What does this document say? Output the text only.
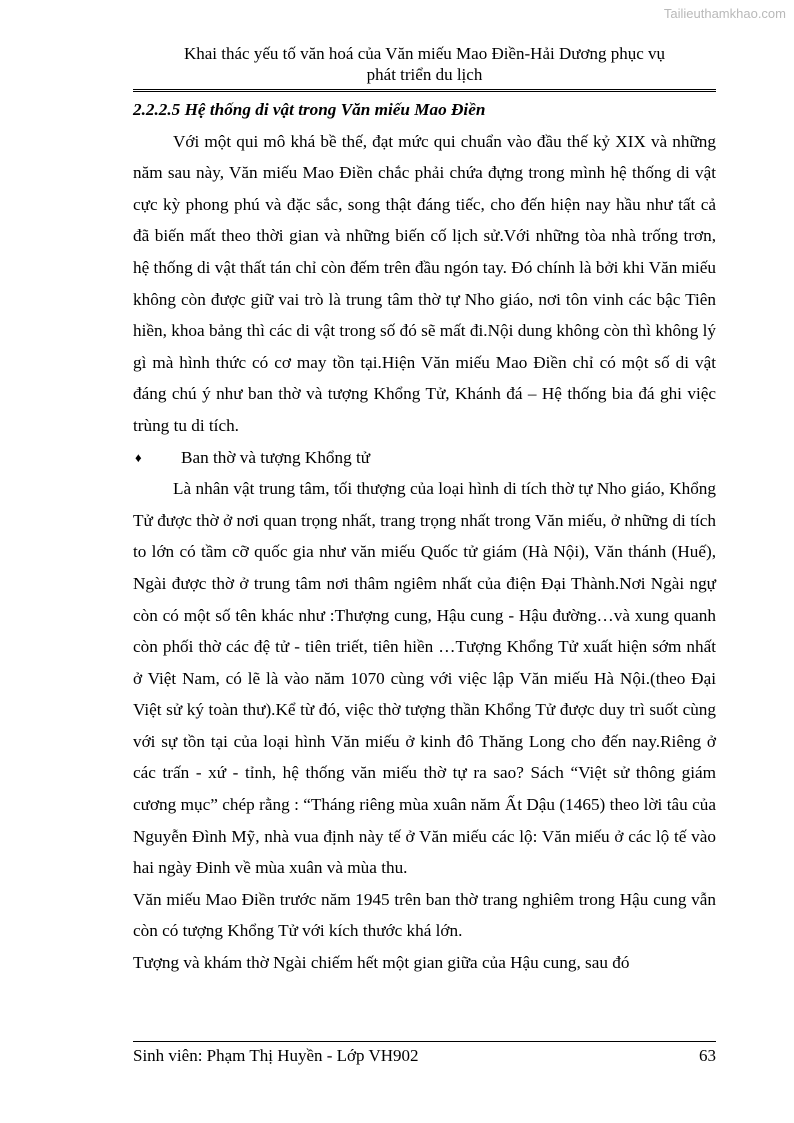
Tailieuthamkhao.com
Khai thác yếu tố văn hoá của Văn miếu Mao Điền-Hải Dương phục vụ
phát triển du lịch

2.2.2.5 Hệ thống di vật trong Văn miếu Mao Điền

Với một qui mô khá bề thế, đạt mức qui chuẩn vào đầu thế kỷ XIX và những năm sau này, Văn miếu Mao Điền chắc phải chứa đựng trong mình hệ thống di vật cực kỳ phong phú và đặc sắc, song thật đáng tiếc, cho đến hiện nay hầu như tất cả đã biến mất theo thời gian và những biến cố lịch sử.Với những tòa nhà trống trơn, hệ thống di vật thất tán chỉ còn đếm trên đầu ngón tay. Đó chính là bởi khi Văn miếu không còn được giữ vai trò là trung tâm thờ tự Nho giáo, nơi tôn vinh các bậc Tiên hiền, khoa bảng thì các di vật trong số đó sẽ mất đi.Nội dung không còn thì không lý gì mà hình thức có cơ may tồn tại.Hiện Văn miếu Mao Điền chỉ có một số di vật đáng chú ý như ban thờ và tượng Khổng Tử, Khánh đá – Hệ thống bia đá ghi việc trùng tu di tích.

♦	Ban thờ và tượng Khổng tử

Là nhân vật trung tâm, tối thượng của loại hình di tích thờ tự Nho giáo, Khổng Tử được thờ ở nơi quan trọng nhất, trang trọng nhất trong Văn miếu, ở những di tích to lớn có tầm cỡ quốc gia như văn miếu Quốc tử giám (Hà Nội), Văn thánh (Huế), Ngài được thờ ở trung tâm nơi thâm ngiêm nhất của điện Đại Thành.Nơi Ngài ngự còn có một số tên khác như :Thượng cung, Hậu cung - Hậu đường…và xung quanh còn phối thờ các đệ tử - tiên triết, tiên hiền …Tượng Khổng Tử xuất hiện sớm nhất ở Việt Nam, có lẽ là vào năm 1070 cùng với việc lập Văn miếu Hà Nội.(theo Đại Việt sử ký toàn thư).Kể từ đó, việc thờ tượng thần Khổng Tử được duy trì suốt cùng với sự tồn tại của loại hình Văn miếu ở kinh đô Thăng Long cho đến nay.Riêng ở các trấn - xứ - tỉnh, hệ thống văn miếu thờ tự ra sao? Sách “Việt sử thông giám cương mục” chép rằng : “Tháng riêng mùa xuân năm Ất Dậu (1465) theo lời tâu của Nguyễn Đình Mỹ, nhà vua định này tế ở Văn miếu các lộ: Văn miếu ở các lộ tế vào hai ngày Đinh về mùa xuân và mùa thu.

Văn miếu Mao Điền trước năm 1945 trên ban thờ trang nghiêm trong Hậu cung vẫn còn có tượng Khổng Tử với kích thước khá lớn.

Tượng và khám thờ Ngài chiếm hết một gian giữa của Hậu cung, sau đó

Sinh viên: Phạm Thị Huyền - Lớp VH902	63
